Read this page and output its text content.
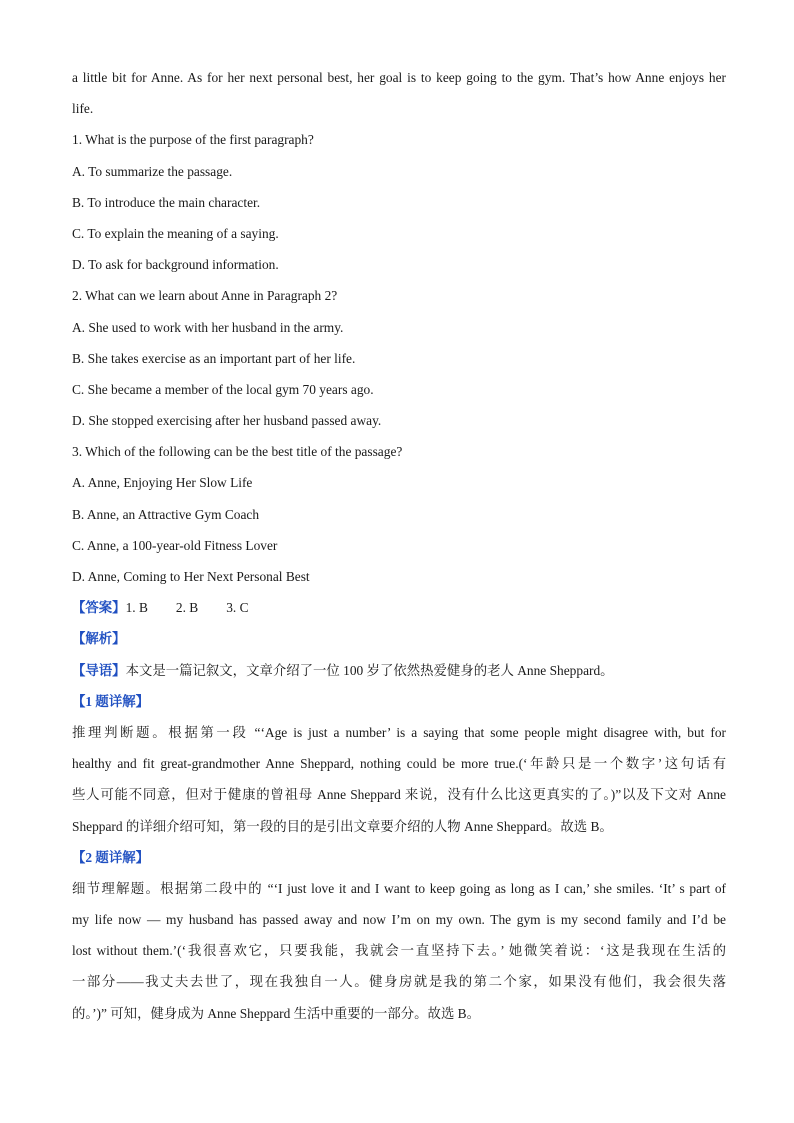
a little bit for Anne. As for her next personal best, her goal is to keep going to the gym. That’s how Anne enjoys her
life.
1. What is the purpose of the first paragraph?
A. To summarize the passage.
B. To introduce the main character.
C. To explain the meaning of a saying.
D. To ask for background information.
2. What can we learn about Anne in Paragraph 2?
A. She used to work with her husband in the army.
B. She takes exercise as an important part of her life.
C. She became a member of the local gym 70 years ago.
D. She stopped exercising after her husband passed away.
3. Which of the following can be the best title of the passage?
A. Anne, Enjoying Her Slow Life
B. Anne, an Attractive Gym Coach
C. Anne, a 100-year-old Fitness Lover
D. Anne, Coming to Her Next Personal Best
【答案】1. B 2. B 3. C
【解析】
【导语】本文是一篇记叙文，文章介绍了一位 100 岁了依然热爱健身的老人 Anne Sheppard。
【1 题详解】
推理判断题。根据第一段 “‘Age is just a number’ is a saying that some people might disagree with, but for
healthy and fit great-grandmother Anne Sheppard, nothing could be more true.(‘年龄只是一个数字’这句话有
些人可能不同意，但对于健康的曾祖母 Anne Sheppard 来说，没有什么比这更真实的了。)”以及下文对 Anne
Sheppard 的详细介绍可知，第一段的目的是引出文章要介绍的人物 Anne Sheppard。故选 B。
【2 题详解】
细节理解题。根据第二段中的 “‘I just love it and I want to keep going as long as I can,’ she smiles. ‘It’ s part of
my life now — my husband has passed away and now I’m on my own. The gym is my second family and I’d be
lost without them.’(‘我很喜欢它，只要我能，我就会一直坚持下去。’ 她微笑着说：‘这是我现在生活的
一部分——我丈夫去世了，现在我独自一人。健身房就是我的第二个家，如果没有他们，我会很失落
的。’)” 可知，健身成为 Anne Sheppard 生活中重要的一部分。故选 B。
